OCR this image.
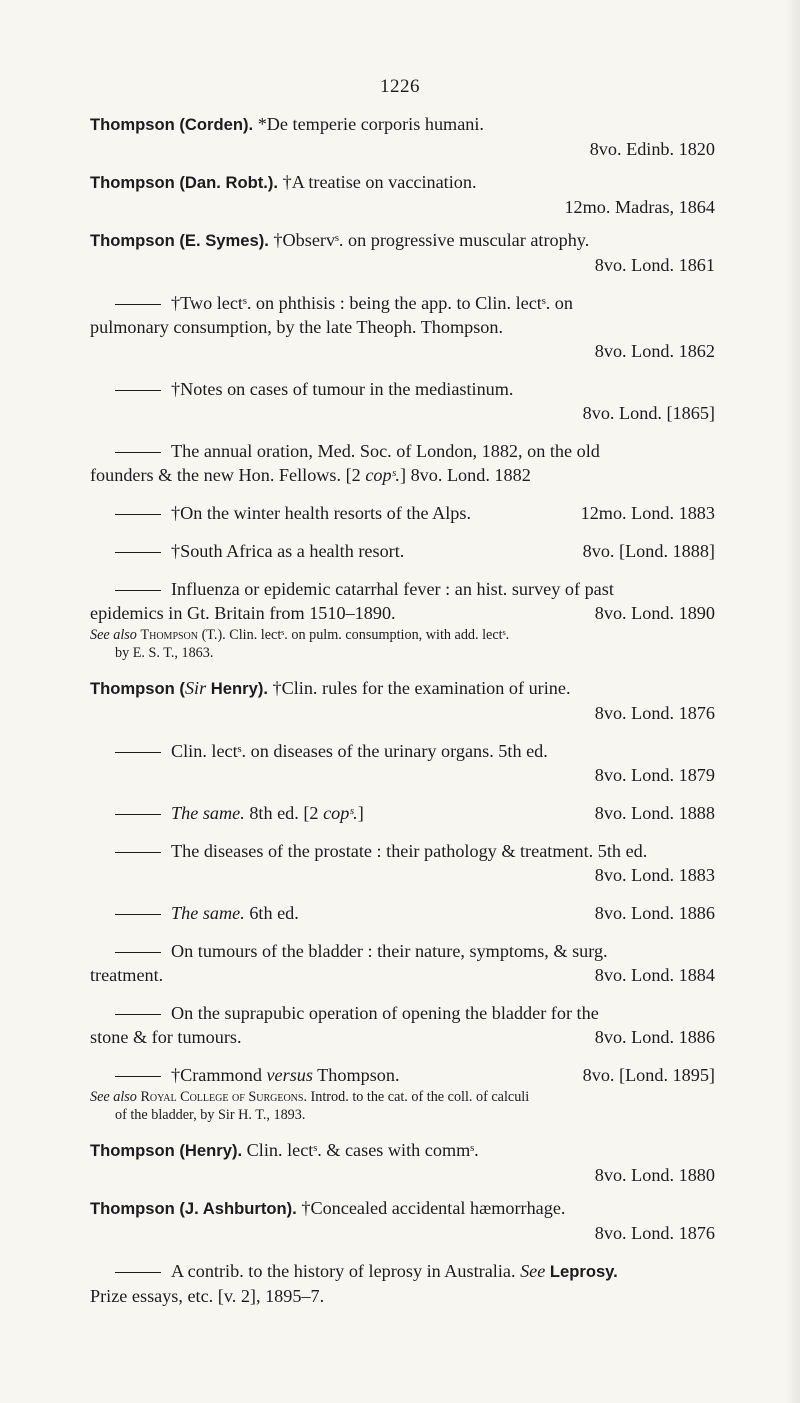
1226
Thompson (Corden). *De temperie corporis humani.
8vo. Edinb. 1820
Thompson (Dan. Robt.). †A treatise on vaccination.
12mo. Madras, 1864
Thompson (E. Symes). †Observˢ. on progressive muscular atrophy.
8vo. Lond. 1861
†Two lectˢ. on phthisis : being the app. to Clin. lectˢ. on
pulmonary consumption, by the late Theoph. Thompson.
8vo. Lond. 1862
†Notes on cases of tumour in the mediastinum.
8vo. Lond. [1865]
The annual oration, Med. Soc. of London, 1882, on the old
founders & the new Hon. Fellows. [2 copˢ.] 8vo. Lond. 1882
†On the winter health resorts of the Alps.	12mo. Lond. 1883
†South Africa as a health resort.	8vo. [Lond. 1888]
Influenza or epidemic catarrhal fever : an hist. survey of past
epidemics in Gt. Britain from 1510–1890.	8vo. Lond. 1890
See also Thompson (T.). Clin. lectˢ. on pulm. consumption, with add. lectˢ.
by E. S. T., 1863.
Thompson (Sir Henry). †Clin. rules for the examination of urine.
8vo. Lond. 1876
Clin. lectˢ. on diseases of the urinary organs. 5th ed.
8vo. Lond. 1879
The same. 8th ed. [2 copˢ.]	8vo. Lond. 1888
The diseases of the prostate : their pathology & treatment. 5th ed.
8vo. Lond. 1883
The same. 6th ed.	8vo. Lond. 1886
On tumours of the bladder : their nature, symptoms, & surg.
treatment.	8vo. Lond. 1884
On the suprapubic operation of opening the bladder for the
stone & for tumours.	8vo. Lond. 1886
†Crammond versus Thompson.	8vo. [Lond. 1895]
See also Royal College of Surgeons. Introd. to the cat. of the coll. of calculi
of the bladder, by Sir H. T., 1893.
Thompson (Henry). Clin. lectˢ. & cases with commˢ.
8vo. Lond. 1880
Thompson (J. Ashburton). †Concealed accidental hæmorrhage.
8vo. Lond. 1876
A contrib. to the history of leprosy in Australia. See Leprosy.
Prize essays, etc. [v. 2], 1895–7.
